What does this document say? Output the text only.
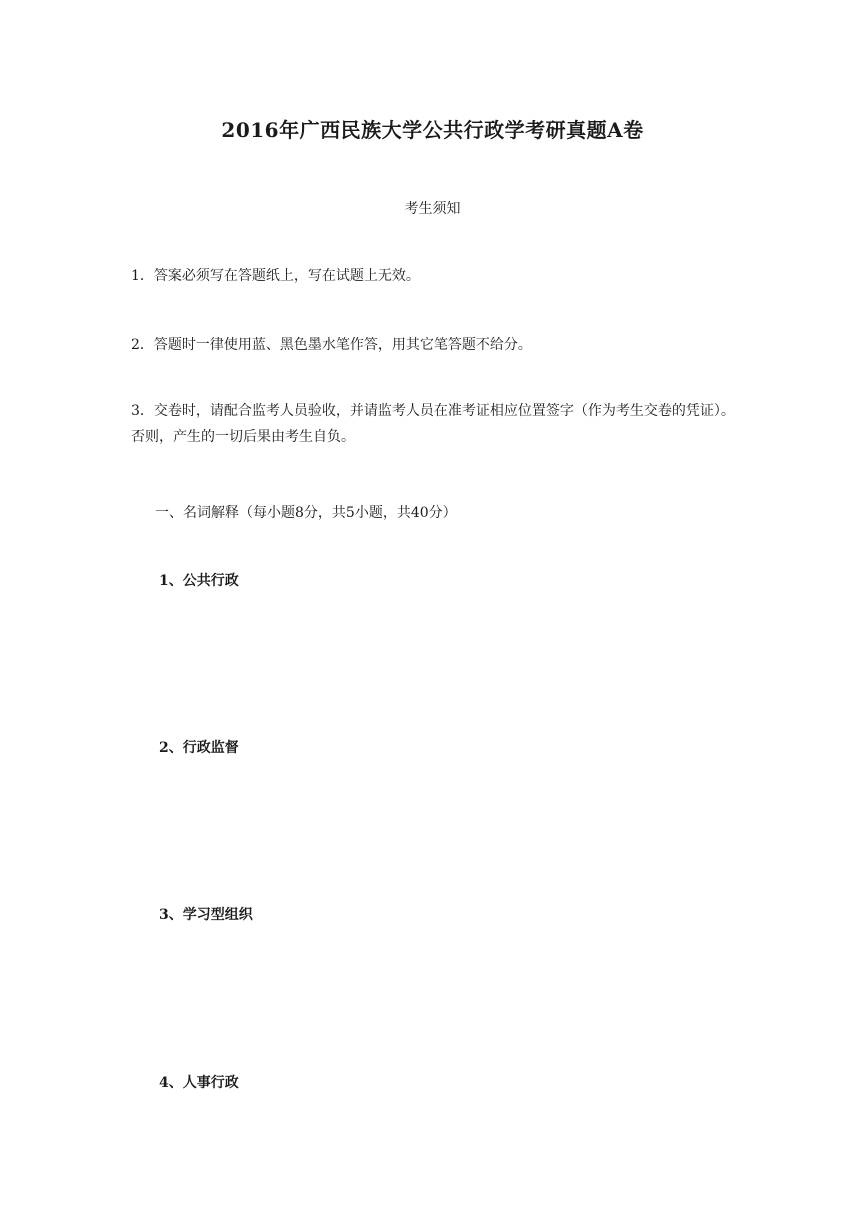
2016年广西民族大学公共行政学考研真题A卷
考生须知
1．答案必须写在答题纸上，写在试题上无效。
2．答题时一律使用蓝、黑色墨水笔作答，用其它笔答题不给分。
3．交卷时，请配合监考人员验收，并请监考人员在准考证相应位置签字（作为考生交卷的凭证）。否则，产生的一切后果由考生自负。
一、名词解释（每小题8分，共5小题，共40分）
1、公共行政
2、行政监督
3、学习型组织
4、人事行政
